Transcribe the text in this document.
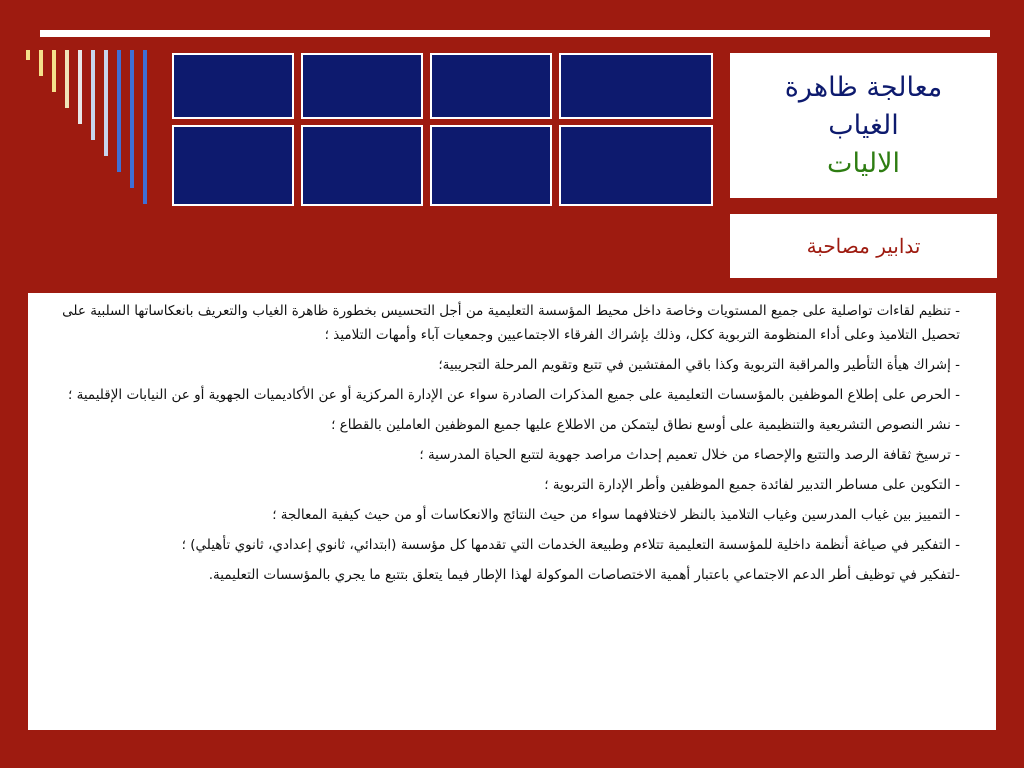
معالجة ظاهرة
الغياب
الاليات
تدابير مصاحبة
- تنظيم لقاءات تواصلية على جميع المستويات وخاصة داخل محيط المؤسسة التعليمية من أجل التحسيس بخطورة ظاهرة الغياب والتعريف بانعكاساتها السلبية على تحصيل التلاميذ وعلى أداء المنظومة التربوية ككل، وذلك بإشراك الفرقاء الاجتماعيين وجمعيات آباء وأمهات التلاميذ ؛
- إشراك هيأة التأطير والمراقبة التربوية وكذا باقي المفتشين في تتبع وتقويم المرحلة التجريبية؛
- الحرص على إطلاع الموظفين بالمؤسسات التعليمية على جميع المذكرات الصادرة سواء عن الإدارة المركزية أو عن الأكاديميات الجهوية أو عن النيابات الإقليمية ؛
- نشر النصوص التشريعية والتنظيمية على أوسع نطاق ليتمكن من الاطلاع عليها جميع الموظفين العاملين بالقطاع ؛
- ترسيخ ثقافة الرصد والتتبع والإحصاء من خلال تعميم إحداث مراصد جهوية لتتبع الحياة المدرسية ؛
- التكوين على مساطر التدبير لفائدة جميع الموظفين وأطر الإدارة التربوية ؛
- التمييز بين غياب المدرسين وغياب التلاميذ بالنظر لاختلافهما سواء من حيث النتائج والانعكاسات أو من حيث كيفية المعالجة ؛
- التفكير في صياغة أنظمة داخلية للمؤسسة التعليمية تتلاءم وطبيعة الخدمات التي تقدمها كل مؤسسة (ابتدائي، ثانوي إعدادي، ثانوي تأهيلي) ؛
-لتفكير في توظيف أطر الدعم الاجتماعي باعتبار أهمية الاختصاصات الموكولة لهذا الإطار فيما يتعلق بتتبع ما يجري بالمؤسسات التعليمية.
